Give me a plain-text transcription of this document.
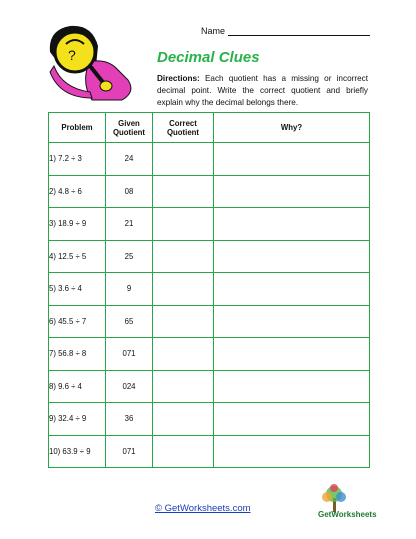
Name
?	Decimal Clues
Directions: Each quotient has a missing or incorrect decimal point. Write the correct quotient and briefly explain why the decimal belongs there.
Problem	Given Quotient	Correct Quotient	Why?
1) 7.2 ÷ 3	24		
2) 4.8 ÷ 6	08		
3) 18.9 ÷ 9	21		
4) 12.5 ÷ 5	25		
5) 3.6 ÷ 4	9		
6) 45.5 ÷ 7	65		
7) 56.8 ÷ 8	071		
8) 9.6 ÷ 4	024		
9) 32.4 ÷ 9	36		
10) 63.9 ÷ 9	071		
© GetWorksheets.com
GetWorksheets
